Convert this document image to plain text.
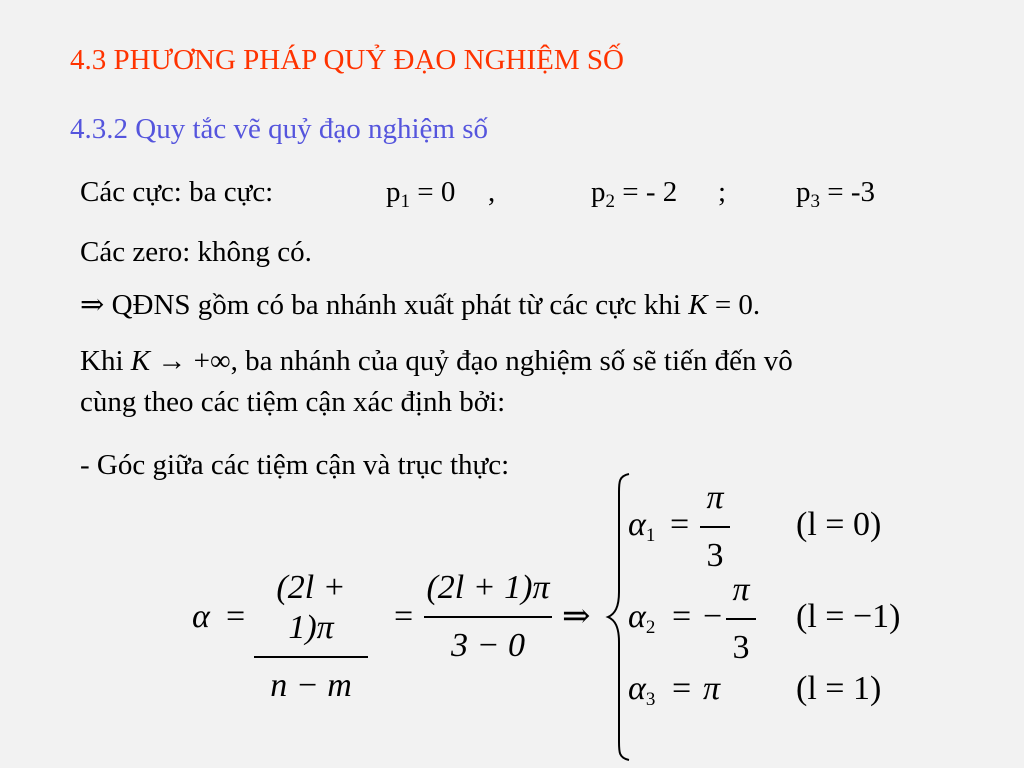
4.3 PHƯƠNG PHÁP QUỶ ĐẠO NGHIỆM SỐ
4.3.2 Quy tắc vẽ quỷ đạo nghiệm số
Các cực: ba cực:	$p_1 = 0$ ,	$p_2$ = - 2 ; $p_3 = -3$
Các zero: không có.
⇒ QĐNS gồm có ba nhánh xuất phát từ các cực khi K = 0.
Khi K → +∞, ba nhánh của quỷ đạo nghiệm số sẽ tiến đến vô
cùng theo các tiệm cận xác định bởi:
- Góc giữa các tiệm cận và trục thực:
α =
(2l + 1)π
n − m
=
(2l + 1)π
3 − 0
⇒
$\alpha_1$ =
π
3
(l = 0)
$\alpha_2$ = −
π
3
(l = −1)
$\alpha_3 = \pi$ (l = 1)
